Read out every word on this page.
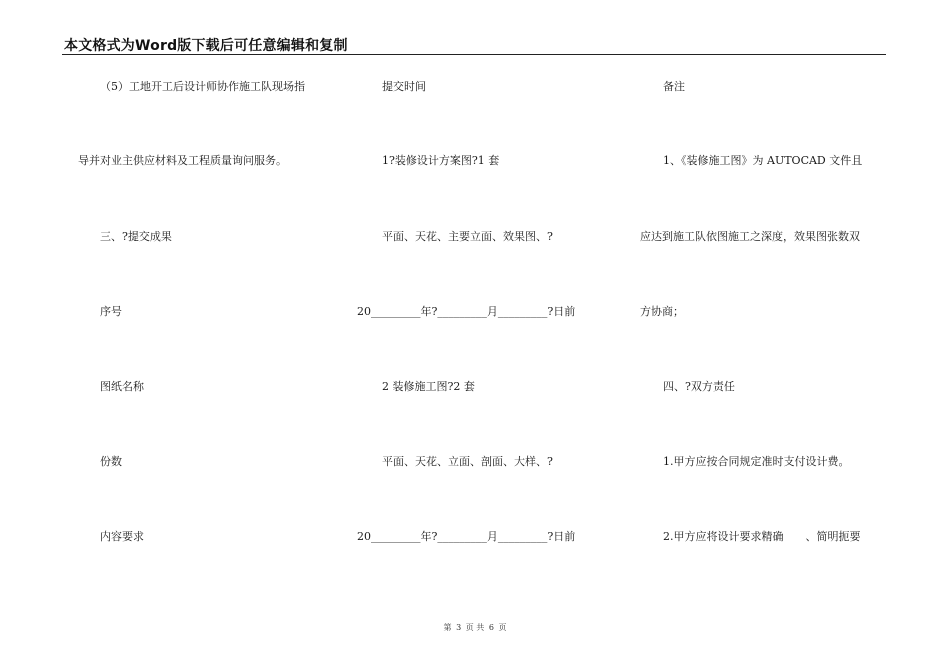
本文格式为Word版下载后可任意编辑和复制
（5）工地开工后设计师协作施工队现场指	提交时间	备注
导并对业主供应材料及工程质量询问服务。	1?装修设计方案图?1 套	1、《装修施工图》为 AUTOCAD 文件且
三、?提交成果	平面、天花、主要立面、效果图、?	应达到施工队依图施工之深度，效果图张数双
序号	20_________年?_________月_________?日前	方协商；
图纸名称	2 装修施工图?2 套	四、?双方责任
份数	平面、天花、立面、剖面、大样、?	1.甲方应按合同规定准时支付设计费。
内容要求	20_________年?_________月_________?日前	2.甲方应将设计要求精确　　、简明扼要
第 3 页 共 6 页
